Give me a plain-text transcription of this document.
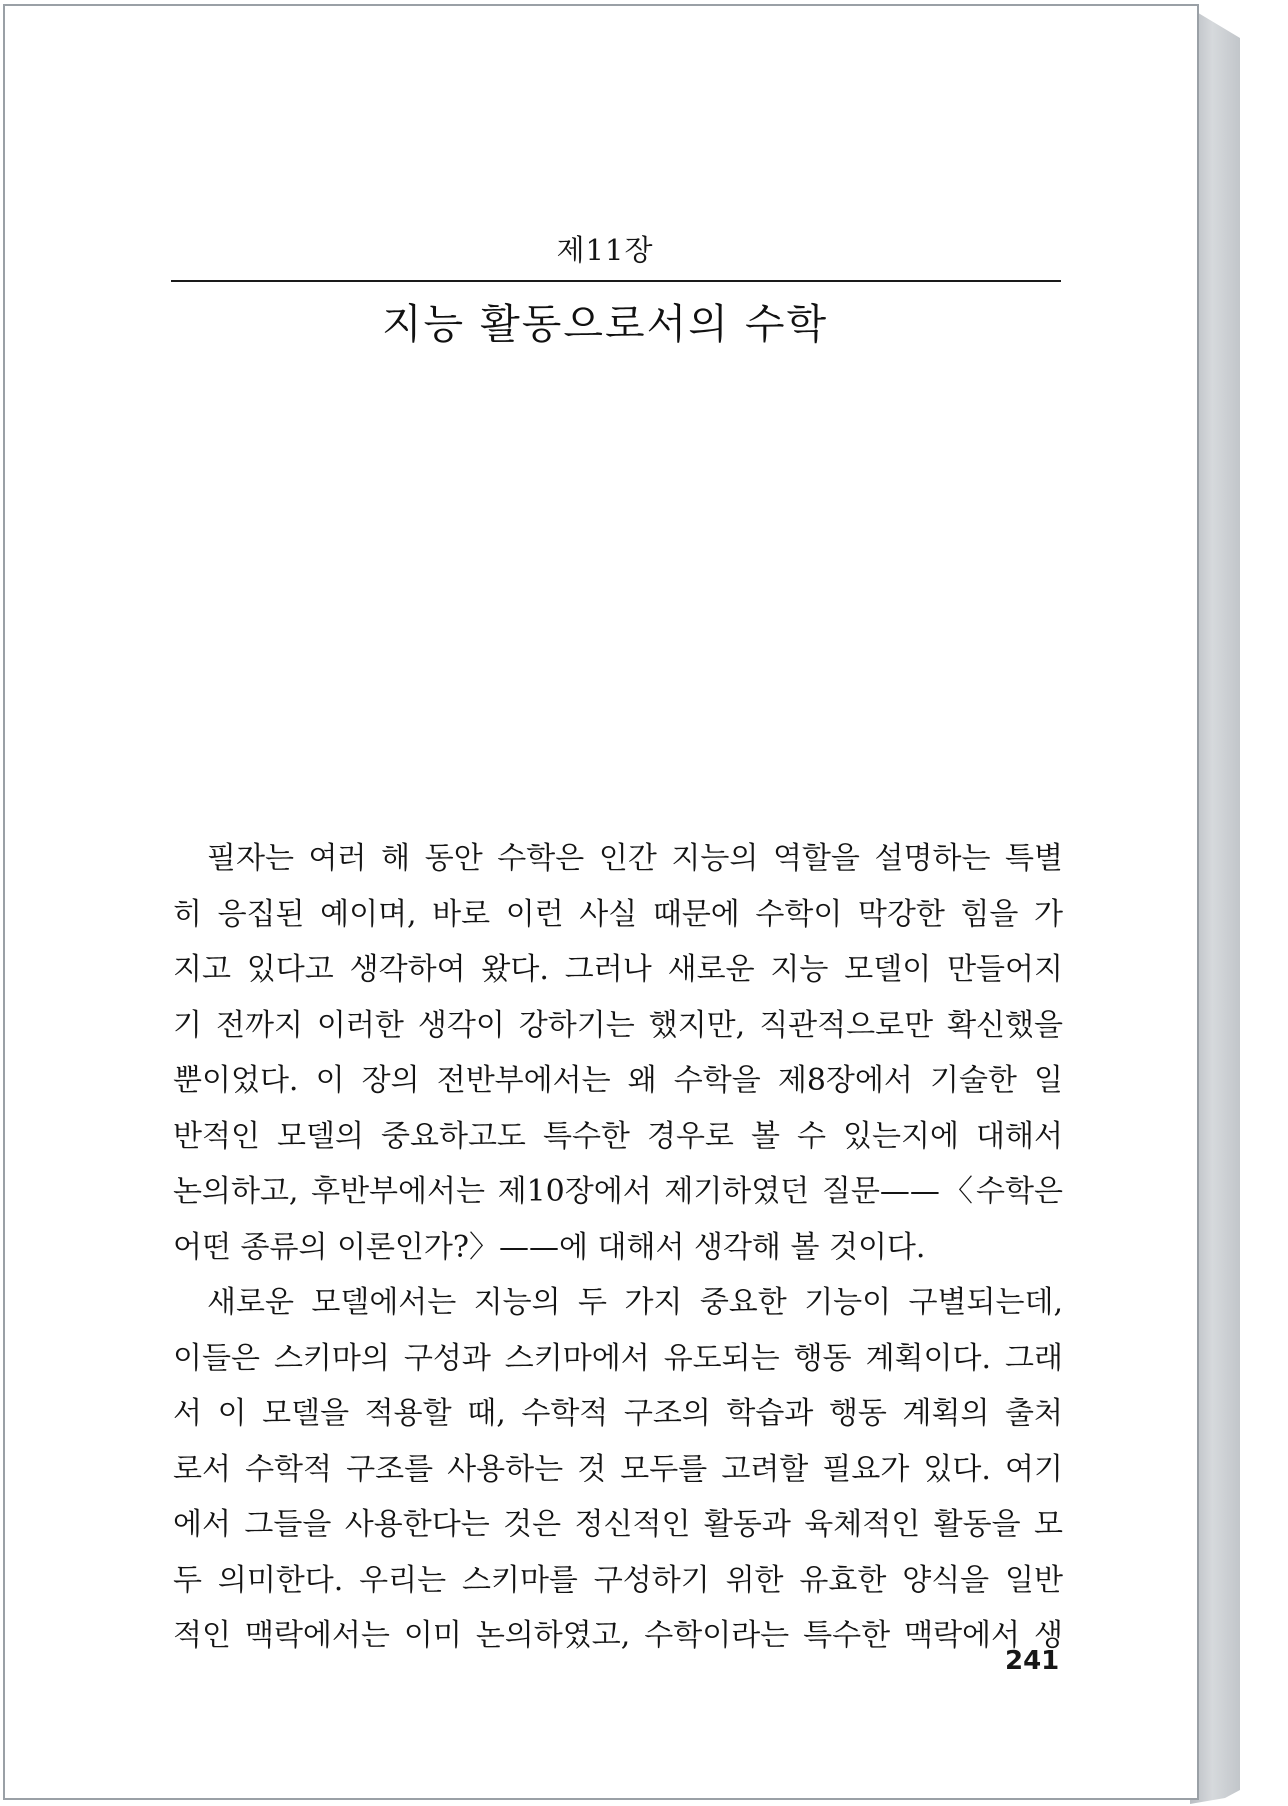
제11장
지능 활동으로서의 수학
필자는 여러 해 동안 수학은 인간 지능의 역할을 설명하는 특별
히 응집된 예이며, 바로 이런 사실 때문에 수학이 막강한 힘을 가
지고 있다고 생각하여 왔다. 그러나 새로운 지능 모델이 만들어지
기 전까지 이러한 생각이 강하기는 했지만, 직관적으로만 확신했을
뿐이었다. 이 장의 전반부에서는 왜 수학을 제8장에서 기술한 일
반적인 모델의 중요하고도 특수한 경우로 볼 수 있는지에 대해서
논의하고, 후반부에서는 제10장에서 제기하였던 질문——〈수학은
어떤 종류의 이론인가?〉——에 대해서 생각해 볼 것이다.
새로운 모델에서는 지능의 두 가지 중요한 기능이 구별되는데,
이들은 스키마의 구성과 스키마에서 유도되는 행동 계획이다. 그래
서 이 모델을 적용할 때, 수학적 구조의 학습과 행동 계획의 출처
로서 수학적 구조를 사용하는 것 모두를 고려할 필요가 있다. 여기
에서 그들을 사용한다는 것은 정신적인 활동과 육체적인 활동을 모
두 의미한다. 우리는 스키마를 구성하기 위한 유효한 양식을 일반
적인 맥락에서는 이미 논의하였고, 수학이라는 특수한 맥락에서 생
241
